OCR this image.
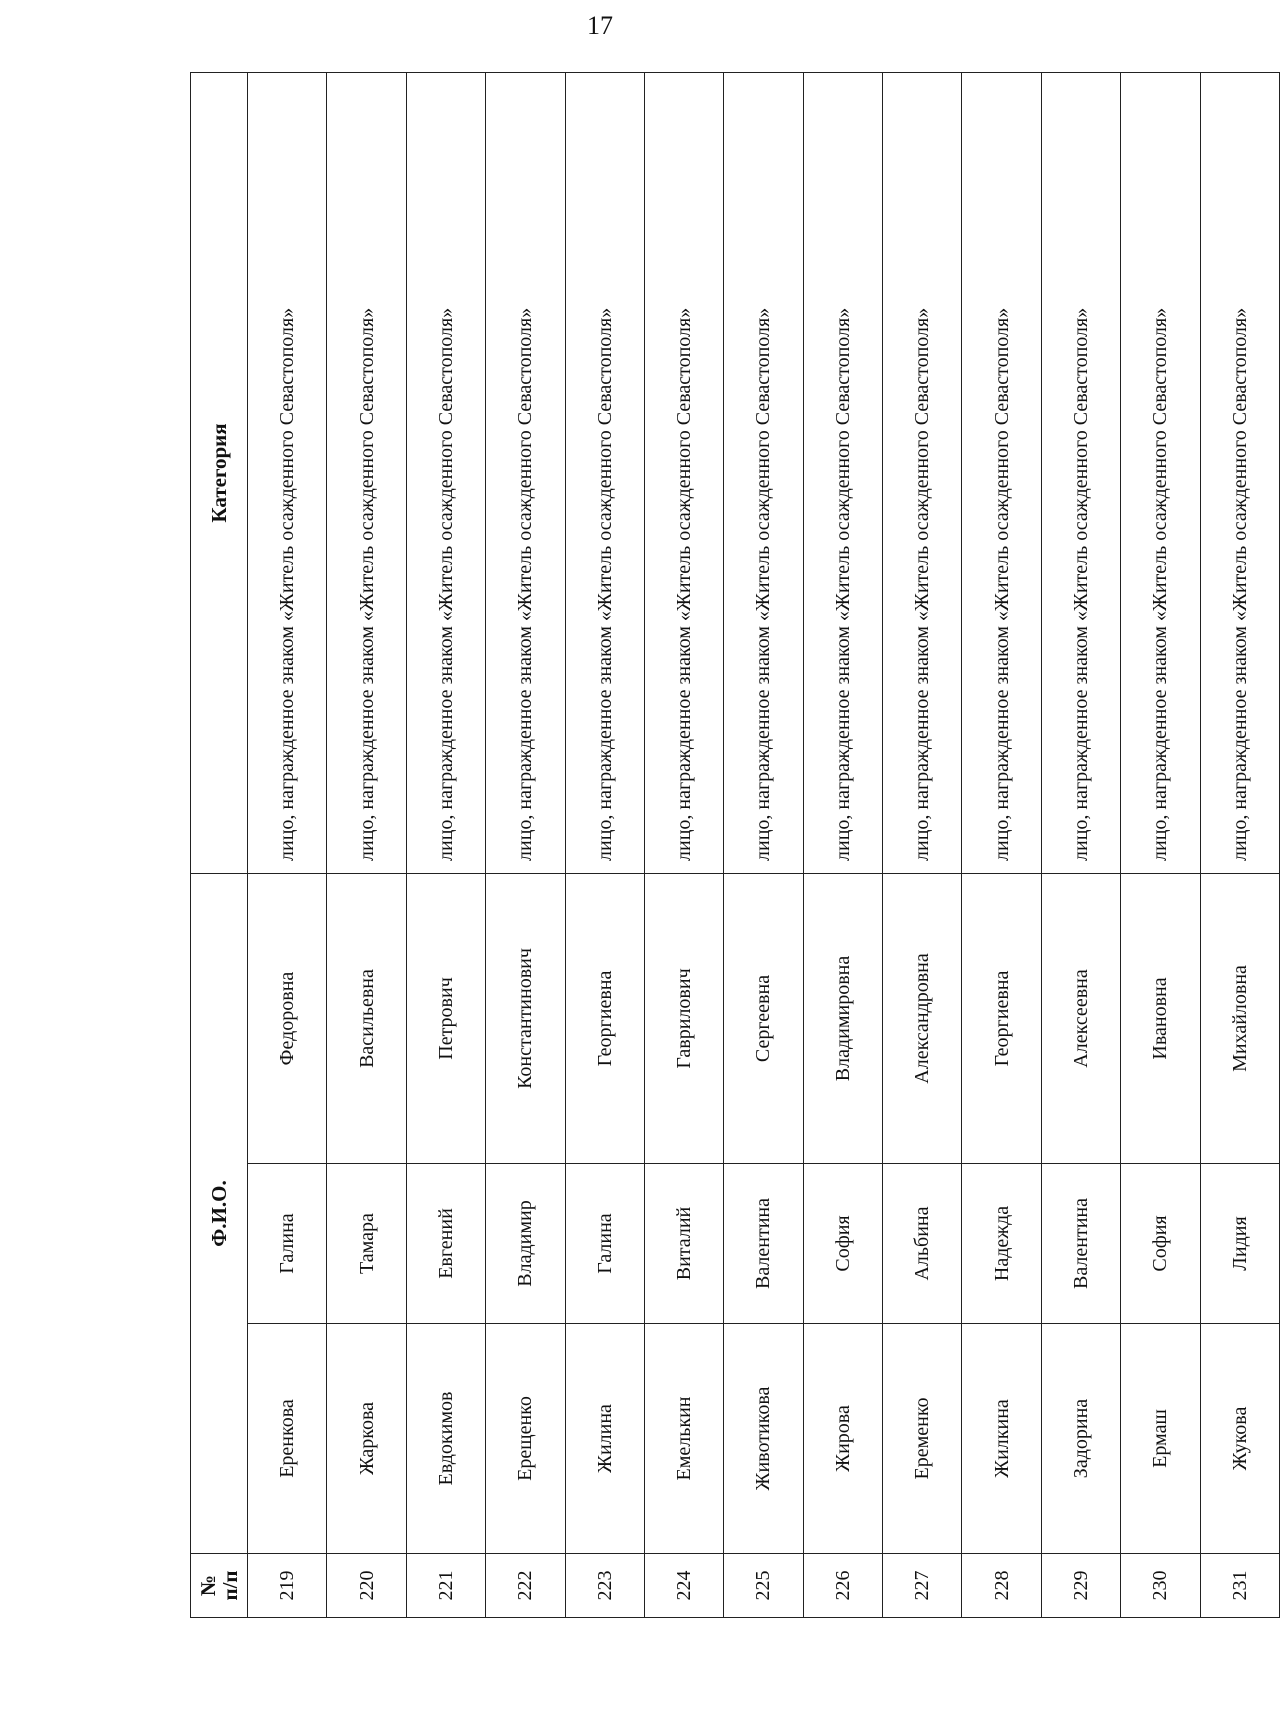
17
№
п/п	Ф.И.О.			Категория
219	Еренкова	Галина	Федоровна	лицо, награжденное знаком «Житель осажденного Севастополя»
220	Жаркова	Тамара	Васильевна	лицо, награжденное знаком «Житель осажденного Севастополя»
221	Евдокимов	Евгений	Петрович	лицо, награжденное знаком «Житель осажденного Севастополя»
222	Ерещенко	Владимир	Константинович	лицо, награжденное знаком «Житель осажденного Севастополя»
223	Жилина	Галина	Георгиевна	лицо, награжденное знаком «Житель осажденного Севастополя»
224	Емелькин	Виталий	Гаврилович	лицо, награжденное знаком «Житель осажденного Севастополя»
225	Животикова	Валентина	Сергеевна	лицо, награжденное знаком «Житель осажденного Севастополя»
226	Жирова	София	Владимировна	лицо, награжденное знаком «Житель осажденного Севастополя»
227	Еременко	Альбина	Александровна	лицо, награжденное знаком «Житель осажденного Севастополя»
228	Жилкина	Надежда	Георгиевна	лицо, награжденное знаком «Житель осажденного Севастополя»
229	Задорина	Валентина	Алексеевна	лицо, награжденное знаком «Житель осажденного Севастополя»
230	Ермаш	София	Ивановна	лицо, награжденное знаком «Житель осажденного Севастополя»
231	Жукова	Лидия	Михайловна	лицо, награжденное знаком «Житель осажденного Севастополя»
